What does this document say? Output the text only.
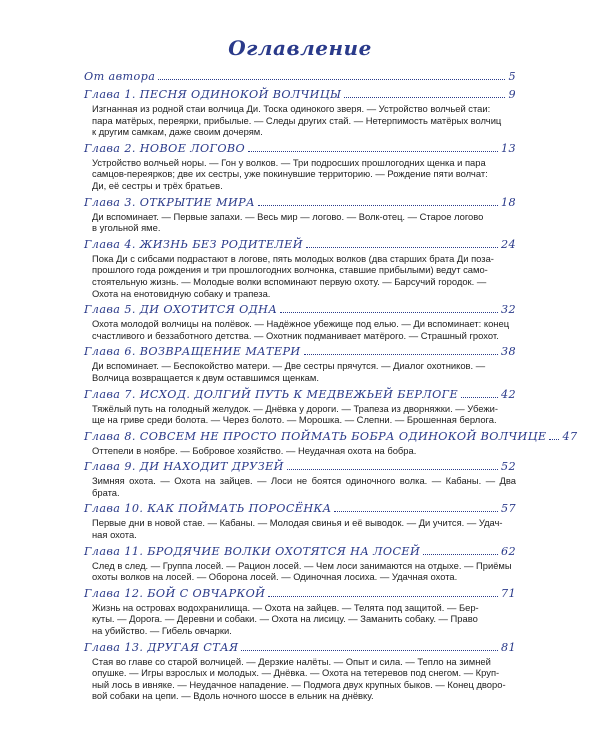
Оглавление
От автора	5
Глава 1. ПЕСНЯ ОДИНОКОЙ ВОЛЧИЦЫ	9

Изгнанная из родной стаи волчица Ди. Тоска одинокого зверя. — Устройство волчьей стаи:

пара матёрых, переярки, прибылые. — Следы других стай. — Нетерпимость матёрых волчиц

к другим самкам, даже своим дочерям.

Глава 2. НОВОЕ ЛОГОВО	13

Устройство волчьей норы. — Гон у волков. — Три подросших прошлогодних щенка и пара

самцов-переярков; две их сестры, уже покинувшие территорию. — Рождение пяти волчат:

Ди, её сестры и трёх братьев.

Глава 3. ОТКРЫТИЕ МИРА	18

Ди вспоминает. — Первые запахи. — Весь мир — логово. — Волк-отец. — Старое логово

в угольной яме.

Глава 4. ЖИЗНЬ БЕЗ РОДИТЕЛЕЙ	24

Пока Ди с сибсами подрастают в логове, пять молодых волков (два старших брата Ди поза-

прошлого года рождения и три прошлогодних волчонка, ставшие прибылыми) ведут само-

стоятельную жизнь. — Молодые волки вспоминают первую охоту. — Барсучий городок. —

Охота на енотовидную собаку и трапеза.

Глава 5. ДИ ОХОТИТСЯ ОДНА	32

Охота молодой волчицы на полёвок. — Надёжное убежище под елью. — Ди вспоминает: конец

счастливого и беззаботного детства. — Охотник подманивает матёрого. — Страшный грохот.

Глава 6. ВОЗВРАЩЕНИЕ МАТЕРИ	38

Ди вспоминает. — Беспокойство матери. — Две сестры прячутся. — Диалог охотников. —

Волчица возвращается к двум оставшимся щенкам.

Глава 7. ИСХОД. ДОЛГИЙ ПУТЬ К МЕДВЕЖЬЕЙ БЕРЛОГЕ	42

Тяжёлый путь на голодный желудок. — Днёвка у дороги. — Трапеза из дворняжки. — Убежи-

ще на гриве среди болота. — Через болото. — Морошка. — Слепни. — Брошенная берлога.

Глава 8. СОВСЕМ НЕ ПРОСТО ПОЙМАТЬ БОБРА ОДИНОКОЙ ВОЛЧИЦЕ 47

Оттепели в ноябре. — Бобровое хозяйство. — Неудачная охота на бобра.

Глава 9. ДИ НАХОДИТ ДРУЗЕЙ	52

Зимняя охота. — Охота на зайцев. — Лоси не боятся одиночного волка. — Кабаны. — Два брата.

Глава 10. КАК ПОЙМАТЬ ПОРОСЁНКА	57

Первые дни в новой стае. — Кабаны. — Молодая свинья и её выводок. — Ди учится. — Удач-

ная охота.

Глава 11. БРОДЯЧИЕ ВОЛКИ ОХОТЯТСЯ НА ЛОСЕЙ	62

След в след. — Группа лосей. — Рацион лосей. — Чем лоси занимаются на отдыхе. — Приёмы

охоты волков на лосей. — Оборона лосей. — Одиночная лосиха. — Удачная охота.

Глава 12. БОЙ С ОВЧАРКОЙ	71

Жизнь на островах водохранилища. — Охота на зайцев. — Телята под защитой. — Бер-

куты. — Дорога. — Деревни и собаки. — Охота на лисицу. — Заманить собаку. — Право

на убийство. — Гибель овчарки.

Глава 13. ДРУГАЯ СТАЯ	81

Стая во главе со старой волчицей. — Дерзкие налёты. — Опыт и сила. — Тепло на зимней

опушке. — Игры взрослых и молодых. — Днёвка. — Охота на тетеревов под снегом. — Круп-

ный лось в ивняке. — Неудачное нападение. — Подмога двух крупных быков. — Конец дворо-

вой собаки на цепи. — Вдоль ночного шоссе в ельник на днёвку.
